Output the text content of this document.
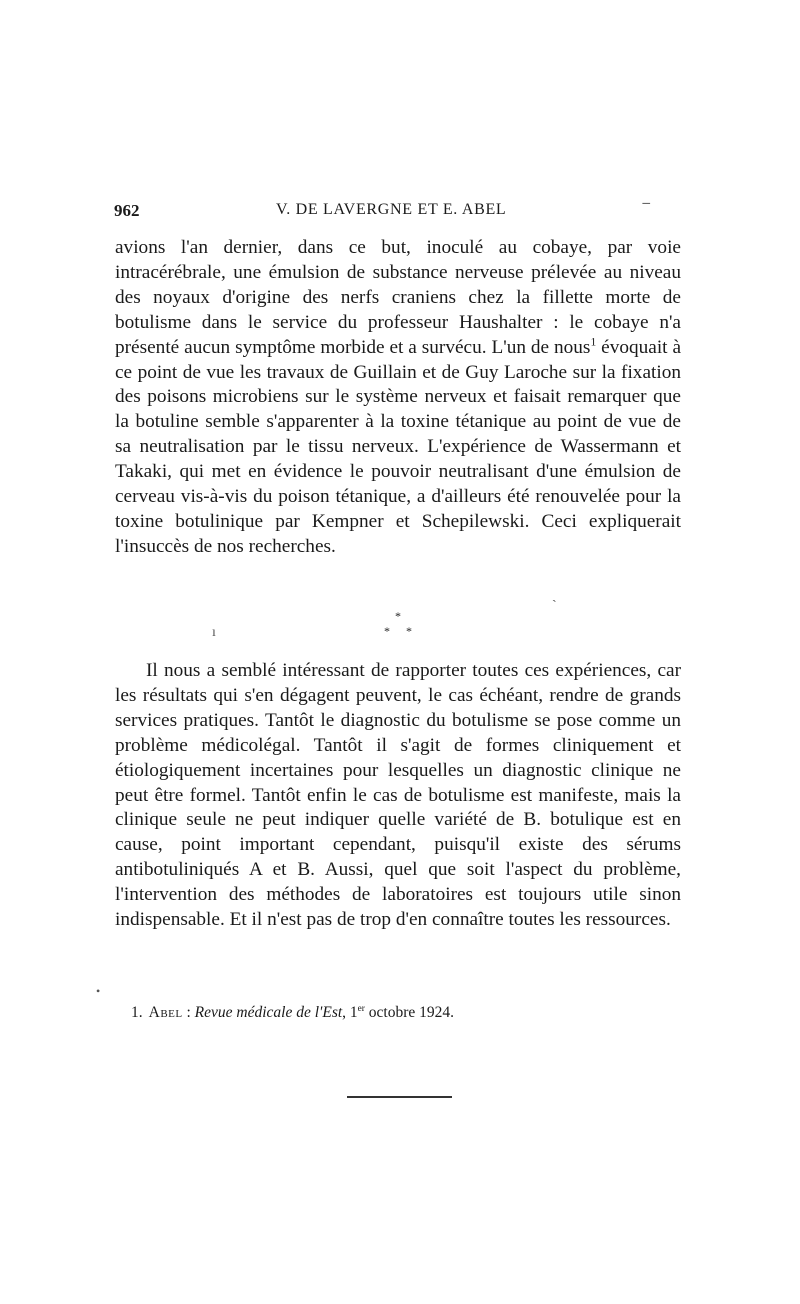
962	V. DE LAVERGNE ET E. ABEL	–

avions l'an dernier, dans ce but, inoculé au cobaye, par voie intracérébrale, une émulsion de substance nerveuse prélevée au niveau des noyaux d'origine des nerfs craniens chez la fillette morte de botulisme dans le service du professeur Haushalter : le cobaye n'a présenté aucun symptôme morbide et a survécu. L'un de nous$^1$ évoquait à ce point de vue les travaux de Guillain et de Guy Laroche sur la fixation des poisons microbiens sur le système nerveux et faisait remarquer que la botuline semble s'apparenter à la toxine tétanique au point de vue de sa neutralisation par le tissu nerveux. L'expérience de Wassermann et Takaki, qui met en évidence le pouvoir neutralisant d'une émulsion de cerveau vis-à-vis du poison tétanique, a d'ailleurs été renouvelée pour la toxine botulinique par Kempner et Schepilewski. Ceci expliquerait l'insuccès de nos recherches.

*
* *

Il nous a semblé intéressant de rapporter toutes ces expériences, car les résultats qui s'en dégagent peuvent, le cas échéant, rendre de grands services pratiques. Tantôt le diagnostic du botulisme se pose comme un problème médicolégal. Tantôt il s'agit de formes cliniquement et étiologiquement incertaines pour lesquelles un diagnostic clinique ne peut être formel. Tantôt enfin le cas de botulisme est manifeste, mais la clinique seule ne peut indiquer quelle variété de B. botulique est en cause, point important cependant, puisqu'il existe des sérums antibotuliniqués A et B. Aussi, quel que soit l'aspect du problème, l'intervention des méthodes de laboratoires est toujours utile sinon indispensable. Et il n'est pas de trop d'en connaître toutes les ressources.

1. Abel : Revue médicale de l'Est, 1er octobre 1924.
•
ı
ˎ
